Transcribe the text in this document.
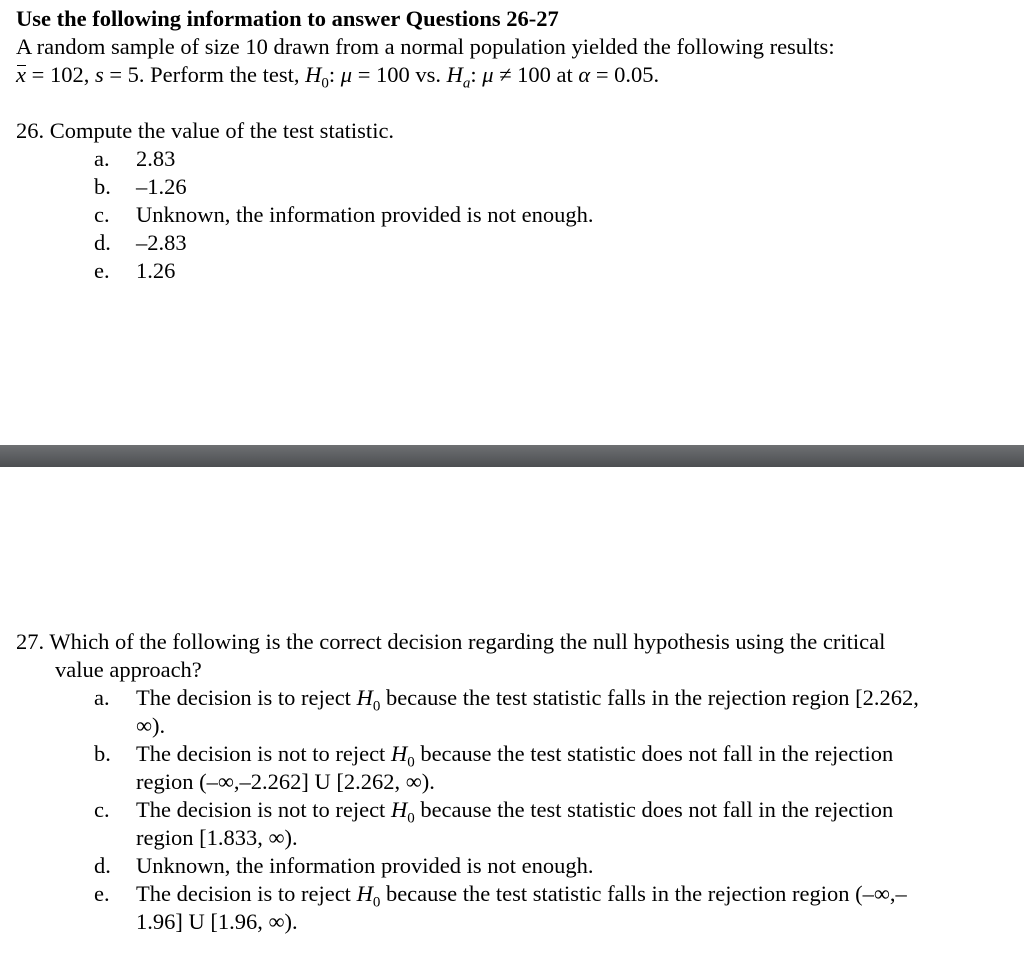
Use the following information to answer Questions 26-27
A random sample of size 10 drawn from a normal population yielded the following results:
x = 102, s = 5. Perform the test, $H_0$: μ = 100 vs. $H_a$: μ ≠ 100 at α = 0.05.
26. Compute the value of the test statistic.
a. 2.83
b. –1.26
c. Unknown, the information provided is not enough.
d. –2.83
e. 1.26
27. Which of the following is the correct decision regarding the null hypothesis using the critical
value approach?
a. The decision is to reject $H_0$ because the test statistic falls in the rejection region [2.262,
∞).
b. The decision is not to reject $H_0$ because the test statistic does not fall in the rejection
region (–∞,–2.262] U [2.262, ∞).
c. The decision is not to reject $H_0$ because the test statistic does not fall in the rejection
region [1.833, ∞).
d. Unknown, the information provided is not enough.
e. The decision is to reject $H_0$ because the test statistic falls in the rejection region (–∞,–
1.96] U [1.96, ∞).
